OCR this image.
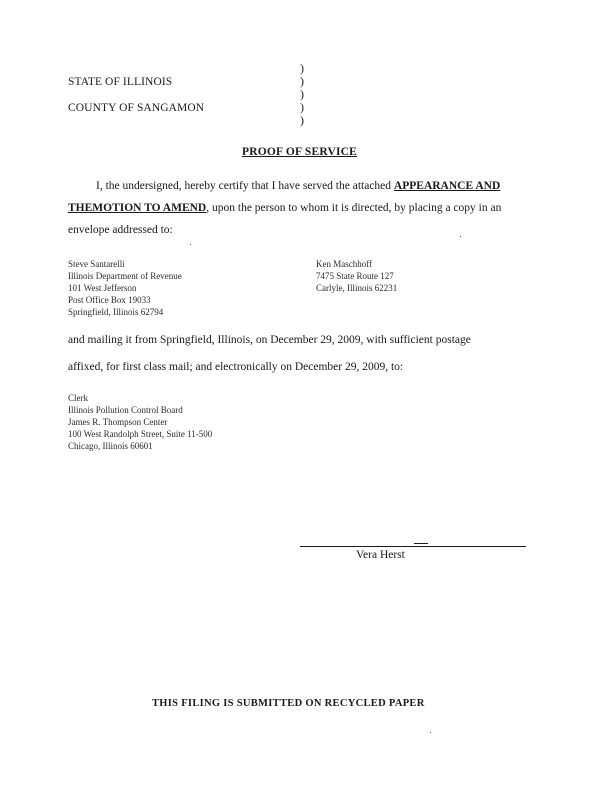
STATE OF ILLINOIS
COUNTY OF SANGAMON
)
)
)
)
)
PROOF OF SERVICE
I, the undersigned, hereby certify that I have served the attached APPEARANCE AND
THEMOTION TO AMEND, upon the person to whom it is directed, by placing a copy in an
envelope addressed to:
Steve Santarelli
Illinois Department of Revenue
101 West Jefferson
Post Office Box 19033
Springfield, Illinois 62794
Ken Maschhoff
7475 State Route 127
Carlyle, Illinois 62231
and mailing it from Springfield, Illinois, on December 29, 2009, with sufficient postage
affixed, for first class mail; and electronically on December 29, 2009, to:
Clerk
Illinois Pollution Control Board
James R. Thompson Center
100 West Randolph Street, Suite 11-500
Chicago, Illinois 60601
Vera Herst
THIS FILING IS SUBMITTED ON RECYCLED PAPER
